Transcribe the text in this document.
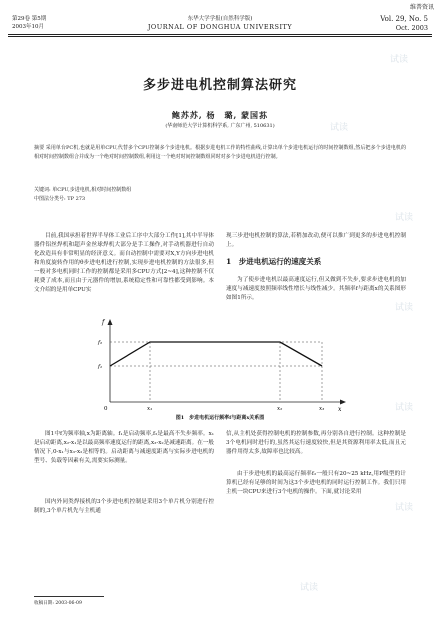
维普资讯
第29卷 第5期
2003年10月
东华大学学报(自然科学版)
JOURNAL OF DONGHUA UNIVERSITY
Vol. 29, No. 5
Oct. 2003
多步进电机控制算法研究
鲍苏苏, 杨　璐, 蒙国荪
(华南师范大学计算机科学系, 广东广州, 510631)
摘要 采用单台PC机,也就是用单CPU,代替多个CPU控制多个步进电机。根据步进电机工作的特性曲线,计算出单个步进电机运行的时间控制数组,然后把多个步进电机的相对时间控制数组合并成为一个绝对时间控制数组,利用这一个绝对时间控制数组同时对多个步进电机进行控制。
关键词: 单CPU,步进电机,相对时间控制数组
中图法分类号: TP 273
目前,我国承担着世界半导体工业后工序中大部分工作[1],其中半导体器件铝丝焊机和超声金丝球焊机大部分是手工操作,对手动机器进行自动化改造具有非常明显的经济意义。而自动控制中需要对X,Y方向步进电机和角度旋转作用的θ步进电机进行控制,实现步进电机控制的方法很多,但一般对多电机同时工作的控制都是采用多CPU方式[2~4],这种控制不仅耗费了成本,而且由于元器件的增加,系统稳定性和可靠性都受到影响。本文介绍的是用单CPU实
现三步进电机控制的算法,若稍加改动,便可以推广到更多的步进电机控制上。
1　步进电机运行的速度关系
为了使步进电机以最高速度运行,但又做到不失步,要求步进电机的加速度与减速度按照频率线性增长与线性减少。其频率f与距离x的关系图形如图1所示。
f
x
f₂
f₁
0	x₁	x₂	x₃
图1　步进电机运行频率f与距离x关系图
图1中f为频率轴,x为距离轴。f₁是启动频率,f₂是最高不失步频率。x₁是启动距离,x₂-x₁是以最高频率速度运行的距离,x₃-x₂是减速距离。在一般情况下,0-x₁与x₃-x₂是相等的。启动距离与减速度距离与实际步进电机的型号、负载等因素有关,需要实际测量。
国内外同类焊接机的3个步进电机控制是采用3个单片机分别进行控制的,3个单片机先与主机通
信,从主机处获得控制电机的控制参数,再分别各自进行控制。这种控制是3个电机同时进行的,虽然其运行速度较快,但是其资源利用率太低,而且元器件用得太多,故障率也比较高。
由于步进电机的最高运行频率f₂一般只有20~25 kHz,用P级型的计算机已经有足够的时间为这3个步进电机的同时运行控制工作。我们只用主机一块CPU来进行3个电机的操作。下面,就讨论采用
收稿日期: 2003-06-09
试读
试读
试读
试读
试读
试读
试读
